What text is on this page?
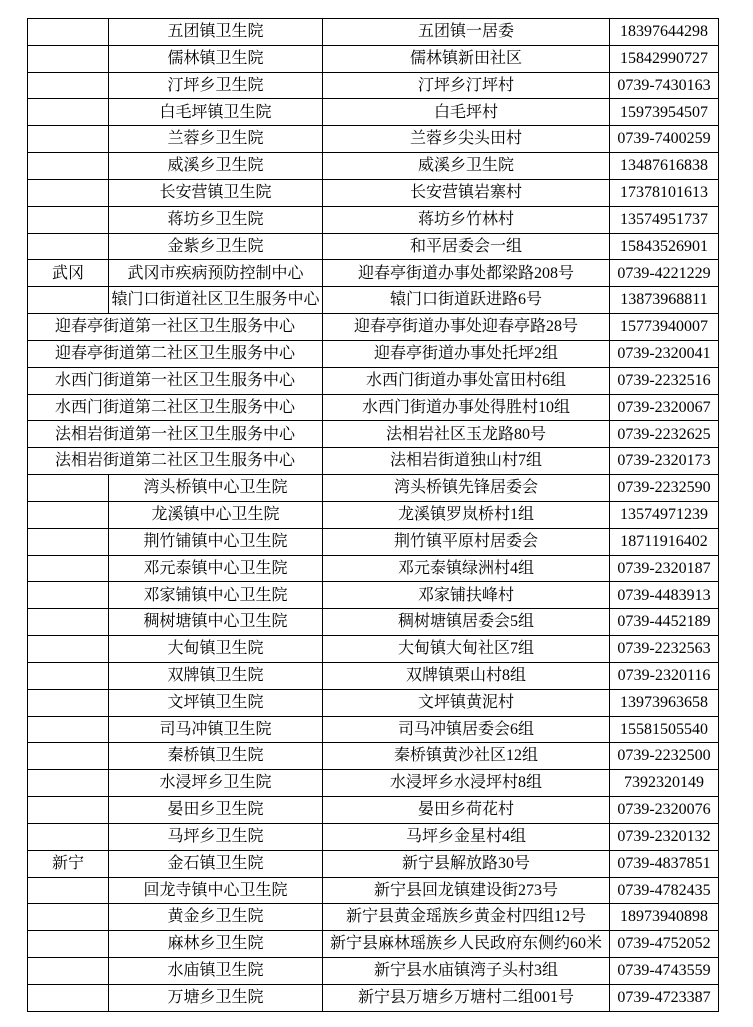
	五团镇卫生院	五团镇一居委	18397644298
	儒林镇卫生院	儒林镇新田社区	15842990727
	汀坪乡卫生院	汀坪乡汀坪村	0739-7430163
	白毛坪镇卫生院	白毛坪村	15973954507
	兰蓉乡卫生院	兰蓉乡尖头田村	0739-7400259
	威溪乡卫生院	威溪乡卫生院	13487616838
	长安营镇卫生院	长安营镇岩寨村	17378101613
	蒋坊乡卫生院	蒋坊乡竹林村	13574951737
	金紫乡卫生院	和平居委会一组	15843526901
武冈	武冈市疾病预防控制中心	迎春亭街道办事处都梁路208号	0739-4221229
	辕门口街道社区卫生服务中心	辕门口街道跃进路6号	13873968811
迎春亭街道第一社区卫生服务中心		迎春亭街道办事处迎春亭路28号	15773940007
迎春亭街道第二社区卫生服务中心		迎春亭街道办事处托坪2组	0739-2320041
水西门街道第一社区卫生服务中心		水西门街道办事处富田村6组	0739-2232516
水西门街道第二社区卫生服务中心		水西门街道办事处得胜村10组	0739-2320067
法相岩街道第一社区卫生服务中心		法相岩社区玉龙路80号	0739-2232625
法相岩街道第二社区卫生服务中心		法相岩街道独山村7组	0739-2320173
	湾头桥镇中心卫生院	湾头桥镇先锋居委会	0739-2232590
	龙溪镇中心卫生院	龙溪镇罗岚桥村1组	13574971239
	荆竹铺镇中心卫生院	荆竹镇平原村居委会	18711916402
	邓元泰镇中心卫生院	邓元泰镇绿洲村4组	0739-2320187
	邓家铺镇中心卫生院	邓家铺扶峰村	0739-4483913
	稠树塘镇中心卫生院	稠树塘镇居委会5组	0739-4452189
	大甸镇卫生院	大甸镇大甸社区7组	0739-2232563
	双牌镇卫生院	双牌镇栗山村8组	0739-2320116
	文坪镇卫生院	文坪镇黄泥村	13973963658
	司马冲镇卫生院	司马冲镇居委会6组	15581505540
	秦桥镇卫生院	秦桥镇黄沙社区12组	0739-2232500
	水浸坪乡卫生院	水浸坪乡水浸坪村8组	7392320149
	晏田乡卫生院	晏田乡荷花村	0739-2320076
	马坪乡卫生院	马坪乡金星村4组	0739-2320132
新宁	金石镇卫生院	新宁县解放路30号	0739-4837851
	回龙寺镇中心卫生院	新宁县回龙镇建设街273号	0739-4782435
	黄金乡卫生院	新宁县黄金瑶族乡黄金村四组12号	18973940898
	麻林乡卫生院	新宁县麻林瑶族乡人民政府东侧约60米	0739-4752052
	水庙镇卫生院	新宁县水庙镇湾子头村3组	0739-4743559
	万塘乡卫生院	新宁县万塘乡万塘村二组001号	0739-4723387
